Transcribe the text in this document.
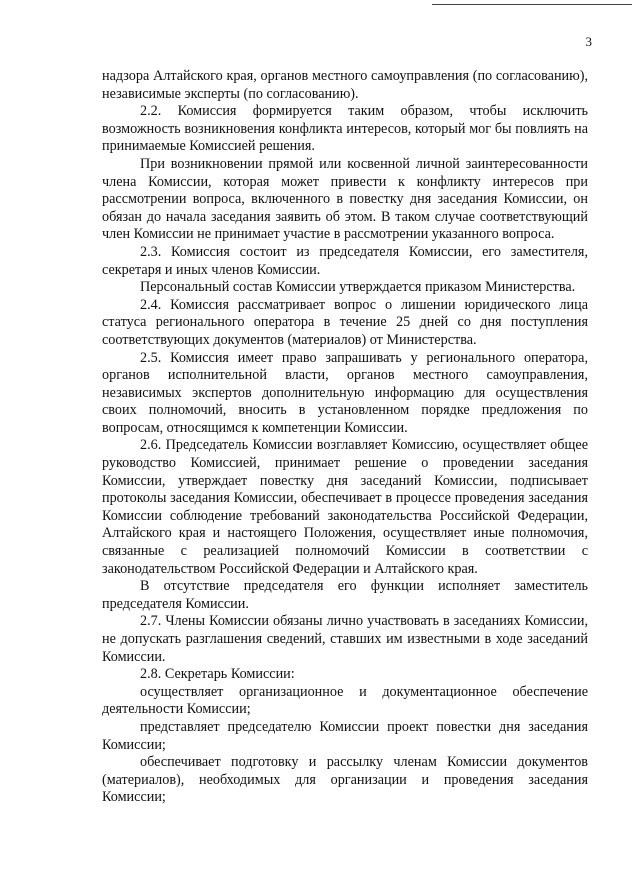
3

надзора Алтайского края, органов местного самоуправления (по согласованию), независимые эксперты (по согласованию).

2.2. Комиссия формируется таким образом, чтобы исключить возможность возникновения конфликта интересов, который мог бы повлиять на принимаемые Комиссией решения.

При возникновении прямой или косвенной личной заинтересованности члена Комиссии, которая может привести к конфликту интересов при рассмотрении вопроса, включенного в повестку дня заседания Комиссии, он обязан до начала заседания заявить об этом. В таком случае соответствующий член Комиссии не принимает участие в рассмотрении указанного вопроса.

2.3. Комиссия состоит из председателя Комиссии, его заместителя, секретаря и иных членов Комиссии.

Персональный состав Комиссии утверждается приказом Министерства.

2.4. Комиссия рассматривает вопрос о лишении юридического лица статуса регионального оператора в течение 25 дней со дня поступления соответствующих документов (материалов) от Министерства.

2.5. Комиссия имеет право запрашивать у регионального оператора, органов исполнительной власти, органов местного самоуправления, независимых экспертов дополнительную информацию для осуществления своих полномочий, вносить в установленном порядке предложения по вопросам, относящимся к компетенции Комиссии.

2.6. Председатель Комиссии возглавляет Комиссию, осуществляет общее руководство Комиссией, принимает решение о проведении заседания Комиссии, утверждает повестку дня заседаний Комиссии, подписывает протоколы заседания Комиссии, обеспечивает в процессе проведения заседания Комиссии соблюдение требований законодательства Российской Федерации, Алтайского края и настоящего Положения, осуществляет иные полномочия, связанные с реализацией полномочий Комиссии в соответствии с законодательством Российской Федерации и Алтайского края.

В отсутствие председателя его функции исполняет заместитель председателя Комиссии.

2.7. Члены Комиссии обязаны лично участвовать в заседаниях Комиссии, не допускать разглашения сведений, ставших им известными в ходе заседаний Комиссии.

2.8. Секретарь Комиссии:

осуществляет организационное и документационное обеспечение деятельности Комиссии;

представляет председателю Комиссии проект повестки дня заседания Комиссии;

обеспечивает подготовку и рассылку членам Комиссии документов (материалов), необходимых для организации и проведения заседания Комиссии;
